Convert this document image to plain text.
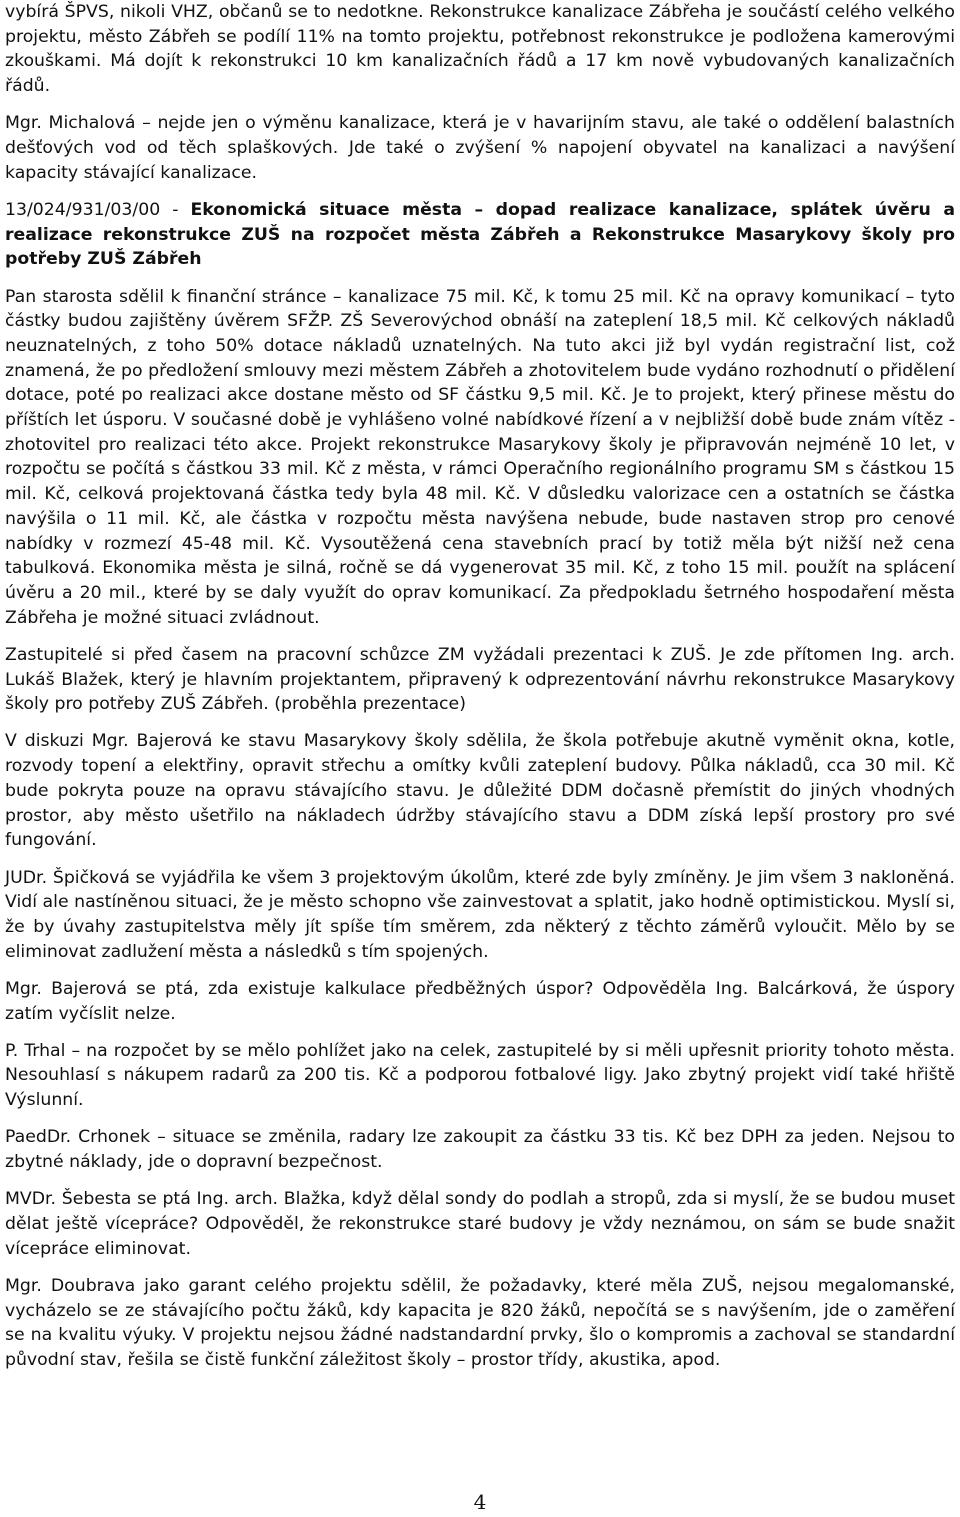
vybírá ŠPVS, nikoli VHZ, občanů se to nedotkne. Rekonstrukce kanalizace Zábřeha je součástí celého velkého projektu, město Zábřeh se podílí 11% na tomto projektu, potřebnost rekonstrukce je podložena kamerovými zkouškami. Má dojít k rekonstrukci 10 km kanalizačních řádů a 17 km nově vybudovaných kanalizačních řádů.

Mgr. Michalová – nejde jen o výměnu kanalizace, která je v havarijním stavu, ale také o oddělení balastních dešťových vod od těch splaškových. Jde také o zvýšení % napojení obyvatel na kanalizaci a navýšení kapacity stávající kanalizace.

13/024/931/03/00 - Ekonomická situace města – dopad realizace kanalizace, splátek úvěru a realizace rekonstrukce ZUŠ na rozpočet města Zábřeh a Rekonstrukce Masarykovy školy pro potřeby ZUŠ Zábřeh

Pan starosta sdělil k finanční stránce – kanalizace 75 mil. Kč, k tomu 25 mil. Kč na opravy komunikací – tyto částky budou zajištěny úvěrem SFŽP. ZŠ Severovýchod obnáší na zateplení 18,5 mil. Kč celkových nákladů neuznatelných, z toho 50% dotace nákladů uznatelných. Na tuto akci již byl vydán registrační list, což znamená, že po předložení smlouvy mezi městem Zábřeh a zhotovitelem bude vydáno rozhodnutí o přidělení dotace, poté po realizaci akce dostane město od SF částku 9,5 mil. Kč. Je to projekt, který přinese městu do příštích let úsporu. V současné době je vyhlášeno volné nabídkové řízení a v nejbližší době bude znám vítěz - zhotovitel pro realizaci této akce. Projekt rekonstrukce Masarykovy školy je připravován nejméně 10 let, v rozpočtu se počítá s částkou 33 mil. Kč z města, v rámci Operačního regionálního programu SM s částkou 15 mil. Kč, celková projektovaná částka tedy byla 48 mil. Kč. V důsledku valorizace cen a ostatních se částka navýšila o 11 mil. Kč, ale částka v rozpočtu města navýšena nebude, bude nastaven strop pro cenové nabídky v rozmezí 45-48 mil. Kč. Vysoutěžená cena stavebních prací by totiž měla být nižší než cena tabulková. Ekonomika města je silná, ročně se dá vygenerovat 35 mil. Kč, z toho 15 mil. použít na splácení úvěru a 20 mil., které by se daly využít do oprav komunikací. Za předpokladu šetrného hospodaření města Zábřeha je možné situaci zvládnout.

Zastupitelé si před časem na pracovní schůzce ZM vyžádali prezentaci k ZUŠ. Je zde přítomen Ing. arch. Lukáš Blažek, který je hlavním projektantem, připravený k odprezentování návrhu rekonstrukce Masarykovy školy pro potřeby ZUŠ Zábřeh. (proběhla prezentace)

V diskuzi Mgr. Bajerová ke stavu Masarykovy školy sdělila, že škola potřebuje akutně vyměnit okna, kotle, rozvody topení a elektřiny, opravit střechu a omítky kvůli zateplení budovy. Půlka nákladů, cca 30 mil. Kč bude pokryta pouze na opravu stávajícího stavu. Je důležité DDM dočasně přemístit do jiných vhodných prostor, aby město ušetřilo na nákladech údržby stávajícího stavu a DDM získá lepší prostory pro své fungování.

JUDr. Špičková se vyjádřila ke všem 3 projektovým úkolům, které zde byly zmíněny. Je jim všem 3 nakloněná. Vidí ale nastíněnou situaci, že je město schopno vše zainvestovat a splatit, jako hodně optimistickou. Myslí si, že by úvahy zastupitelstva měly jít spíše tím směrem, zda některý z těchto záměrů vyloučit. Mělo by se eliminovat zadlužení města a následků s tím spojených.

Mgr. Bajerová se ptá, zda existuje kalkulace předběžných úspor? Odpověděla Ing. Balcárková, že úspory zatím vyčíslit nelze.

P. Trhal – na rozpočet by se mělo pohlížet jako na celek, zastupitelé by si měli upřesnit priority tohoto města. Nesouhlasí s nákupem radarů za 200 tis. Kč a podporou fotbalové ligy. Jako zbytný projekt vidí také hřiště Výslunní.

PaedDr. Crhonek – situace se změnila, radary lze zakoupit za částku 33 tis. Kč bez DPH za jeden. Nejsou to zbytné náklady, jde o dopravní bezpečnost.

MVDr. Šebesta se ptá Ing. arch. Blažka, když dělal sondy do podlah a stropů, zda si myslí, že se budou muset dělat ještě vícepráce? Odpověděl, že rekonstrukce staré budovy je vždy neznámou, on sám se bude snažit vícepráce eliminovat.

Mgr. Doubrava jako garant celého projektu sdělil, že požadavky, které měla ZUŠ, nejsou megalomanské, vycházelo se ze stávajícího počtu žáků, kdy kapacita je 820 žáků, nepočítá se s navýšením, jde o zaměření se na kvalitu výuky. V projektu nejsou žádné nadstandardní prvky, šlo o kompromis a zachoval se standardní původní stav, řešila se čistě funkční záležitost školy – prostor třídy, akustika, apod.

4
